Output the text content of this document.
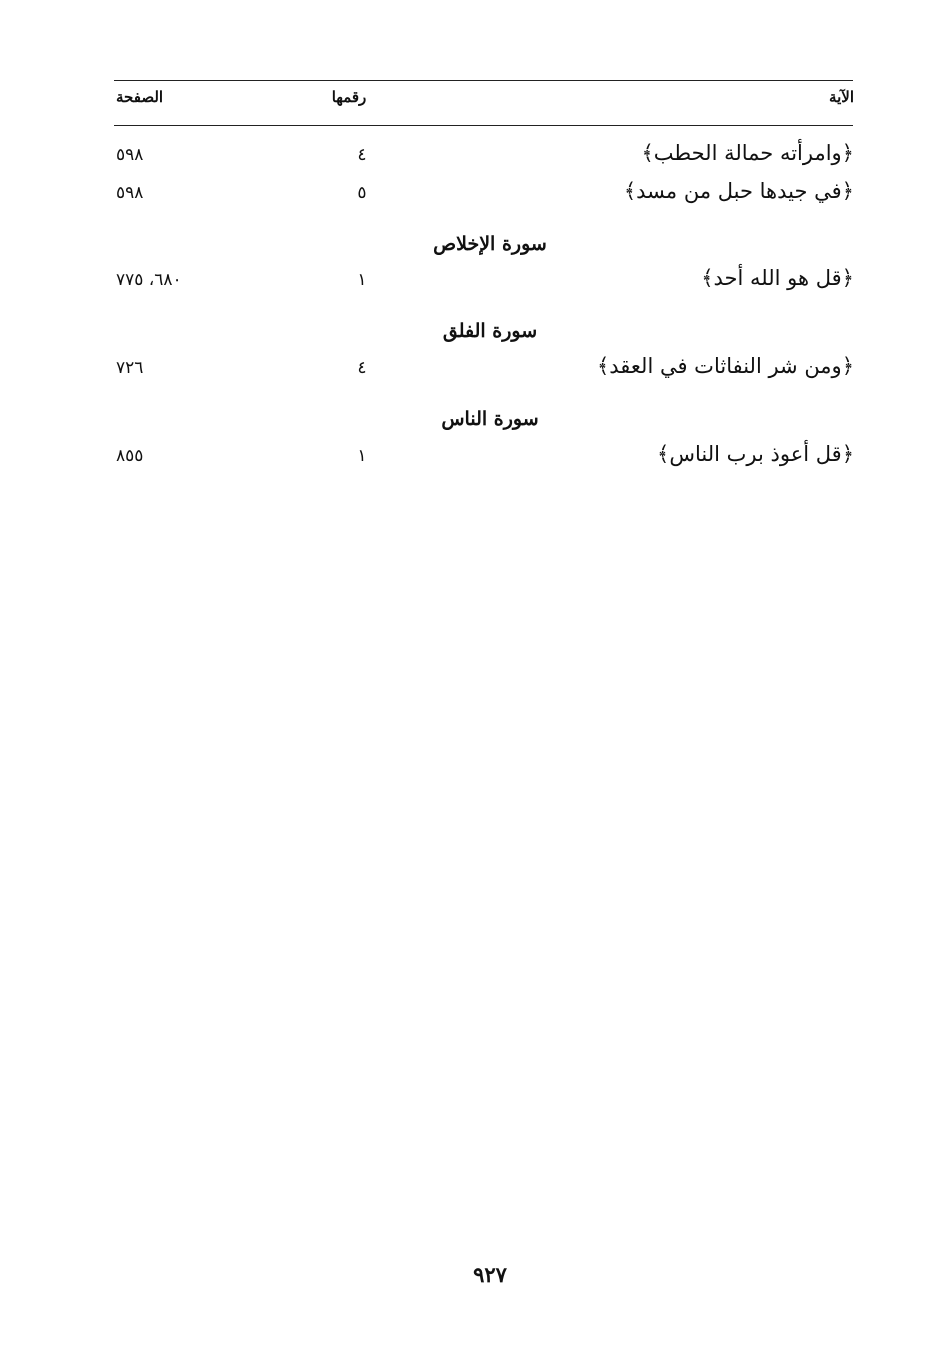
الآية
رقمها
الصفحة
﴿وامرأته حمالة الحطب﴾
٤
٥٩٨
﴿في جيدها حبل من مسد﴾
٥
٥٩٨
سورة الإخلاص
﴿قل هو الله أحد﴾
١
٦٨٠، ٧٧٥
سورة الفلق
﴿ومن شر النفاثات في العقد﴾
٤
٧٢٦
سورة الناس
﴿قل أعوذ برب الناس﴾
١
٨٥٥
٩٢٧
